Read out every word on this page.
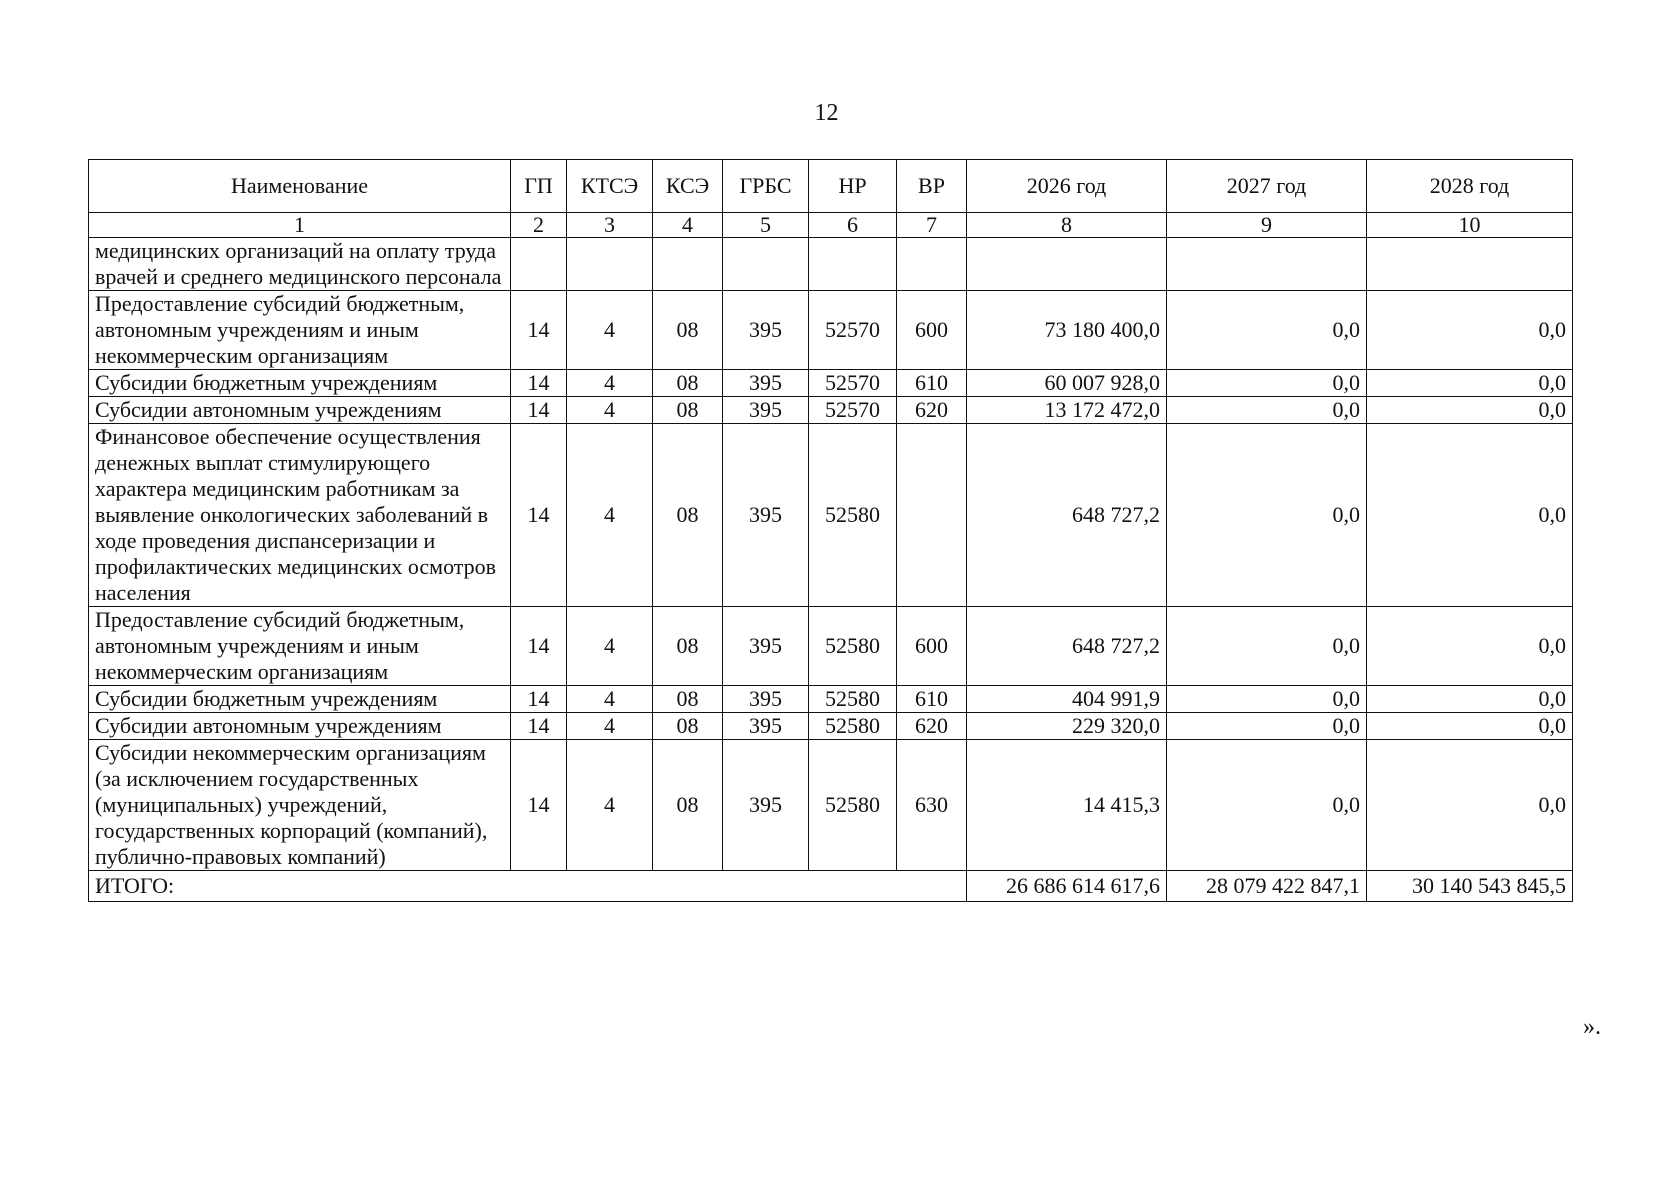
12
Наименование	ГП	КТСЭ	КСЭ	ГРБС	НР	ВР	2026 год	2027 год	2028 год
1	2	3	4	5	6	7	8	9	10
медицинских организаций на оплату труда врачей и среднего медицинского персонала									
Предоставление субсидий бюджетным, автономным учреждениям и иным некоммерческим организациям	14	4	08	395	52570	600	73 180 400,0	0,0	0,0
Субсидии бюджетным учреждениям	14	4	08	395	52570	610	60 007 928,0	0,0	0,0
Субсидии автономным учреждениям	14	4	08	395	52570	620	13 172 472,0	0,0	0,0
Финансовое обеспечение осуществления денежных выплат стимулирующего характера медицинским работникам за выявление онкологических заболеваний в ходе проведения диспансеризации и профилактических медицинских осмотров населения	14	4	08	395	52580		648 727,2	0,0	0,0
Предоставление субсидий бюджетным, автономным учреждениям и иным некоммерческим организациям	14	4	08	395	52580	600	648 727,2	0,0	0,0
Субсидии бюджетным учреждениям	14	4	08	395	52580	610	404 991,9	0,0	0,0
Субсидии автономным учреждениям	14	4	08	395	52580	620	229 320,0	0,0	0,0
Субсидии некоммерческим организациям (за исключением государственных (муниципальных) учреждений, государственных корпораций (компаний), публично-правовых компаний)	14	4	08	395	52580	630	14 415,3	0,0	0,0
ИТОГО:							26 686 614 617,6	28 079 422 847,1	30 140 543 845,5
».
